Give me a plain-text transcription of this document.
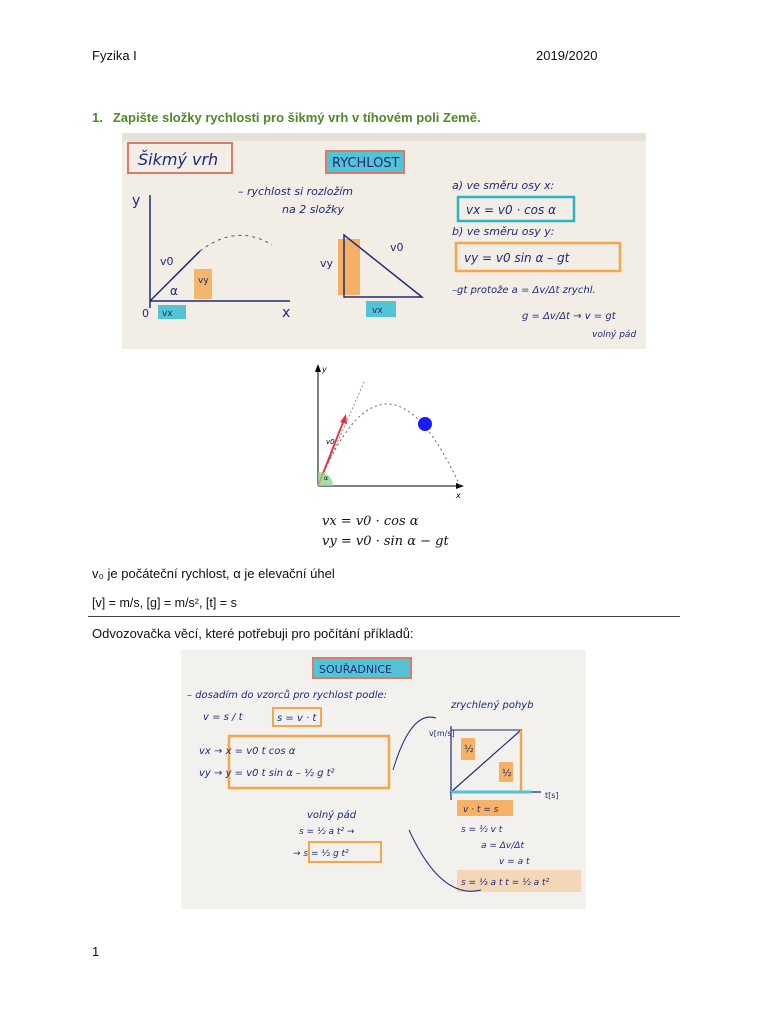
Fyzika I	2019/2020
1. Zapište složky rychlosti pro šikmý vrh v tíhovém poli Země.
Šikmý vrh	RYCHLOST
– rychlost si rozložím
na 2 složky
y
x
0
v0
α
vy
vx
vy
v0
vx
a) ve směru osy x:
vx = v0 · cos α
b) ve směru osy y:
vy = v0 sin α – gt
–gt protože a = Δv/Δt zrychl.
g = Δv/Δt → v = gt
volný pád
y
x
α
v0
vx = v0 · cos α
vy = v0 · sin α − gt
v₀ je počáteční rychlost, α je elevační úhel
[v] = m/s, [g] = m/s², [t] = s
Odvozovačka věcí, které potřebuji pro počítání příkladů:
SOUŘADNICE
– dosadím do vzorců pro rychlost podle:
v = s / t	s = v · t
vx → x = v0 t cos α
vy → y = v0 t sin α – ½ g t²
zrychlený pohyb
v[m/s]
t[s]
½
½
v · t = s
s = ½ v t
a = Δv/Δt
v = a t
s = ½ a t t = ½ a t²
volný pád
s = ½ a t² →
→ s = ½ g t²
1
